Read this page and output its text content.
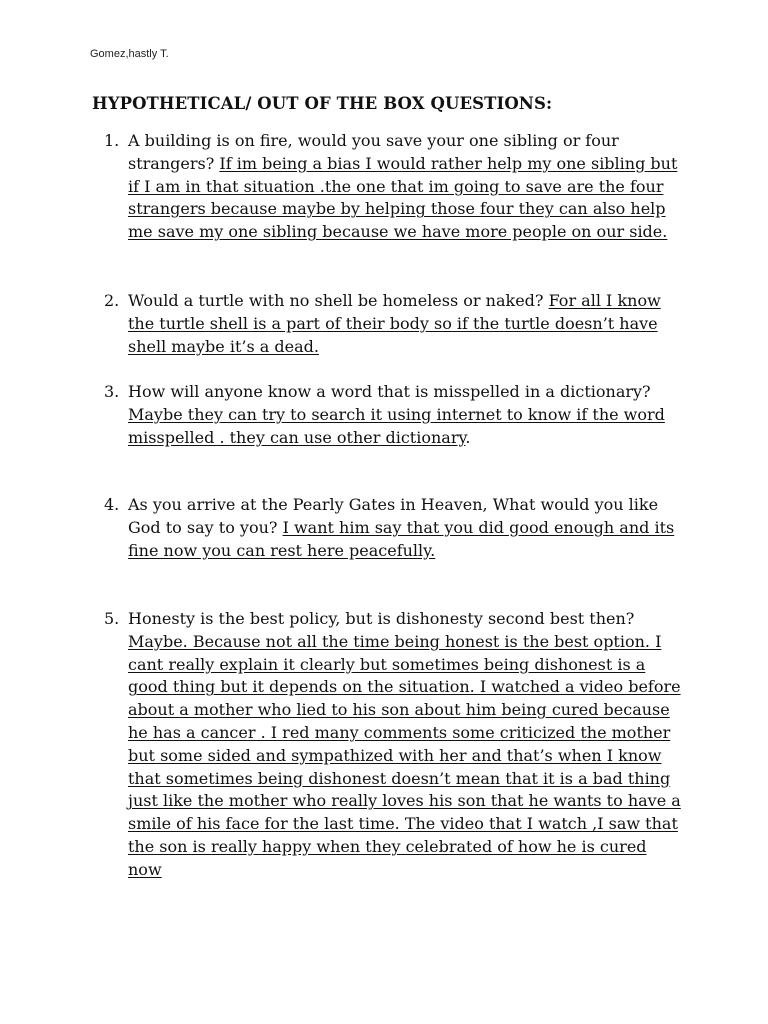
Gomez,hastly T.
HYPOTHETICAL/ OUT OF THE BOX QUESTIONS:
1. A building is on fire, would you save your one sibling or four strangers? If im being a bias I would rather help my one sibling but if I am in that situation .the one that im going to save are the four strangers because maybe by helping those four they can also help me save my one sibling because we have more people on our side.
2. Would a turtle with no shell be homeless or naked? For all I know the turtle shell is a part of their body so if the turtle doesn’t have shell maybe it’s a dead.
3. How will anyone know a word that is misspelled in a dictionary? Maybe they can try to search it using internet to know if the word misspelled . they can use other dictionary.
4. As you arrive at the Pearly Gates in Heaven, What would you like God to say to you? I want him say that you did good enough and its fine now you can rest here peacefully.
5. Honesty is the best policy, but is dishonesty second best then? Maybe. Because not all the time being honest is the best option. I cant really explain it clearly but sometimes being dishonest is a good thing but it depends on the situation. I watched a video before about a mother who lied to his son about him being cured because he has a cancer . I red many comments some criticized the mother but some sided and sympathized with her and that’s when I know that sometimes being dishonest doesn’t mean that it is a bad thing just like the mother who really loves his son that he wants to have a smile of his face for the last time. The video that I watch ,I saw that the son is really happy when they celebrated of how he is cured now
